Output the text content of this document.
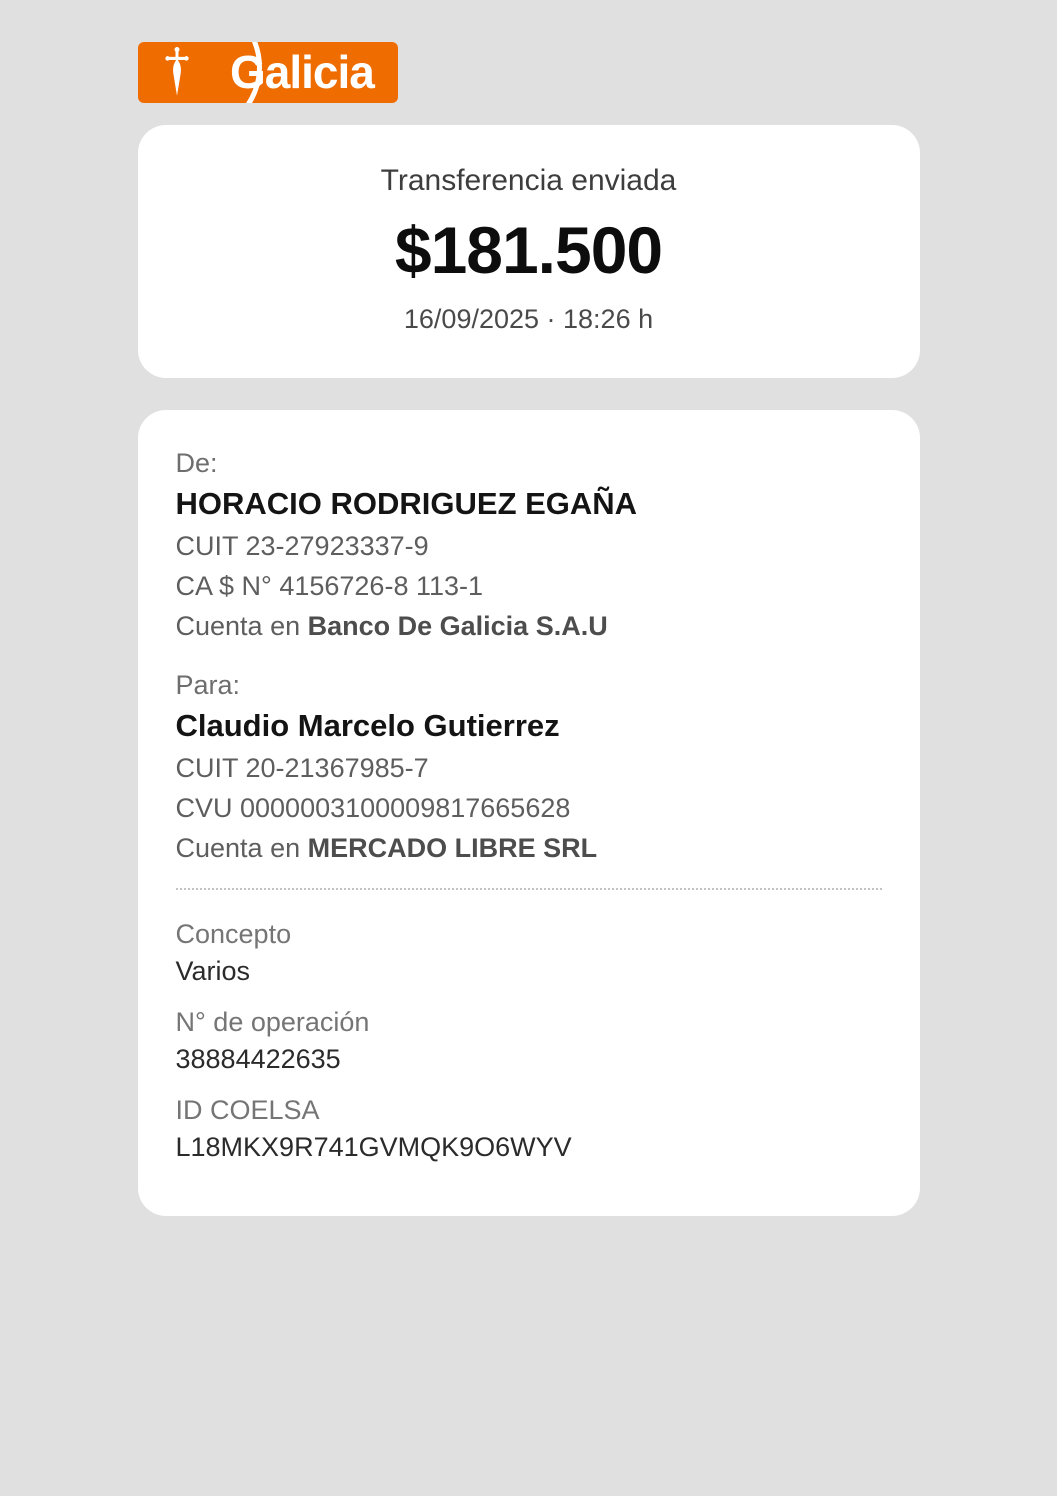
Galicia
Transferencia enviada
$181.500
16/09/2025 · 18:26 h
De:
HORACIO RODRIGUEZ EGAÑA
CUIT 23-27923337-9
CA $ N° 4156726-8 113-1
Cuenta en Banco De Galicia S.A.U
Para:
Claudio Marcelo Gutierrez
CUIT 20-21367985-7
CVU 0000003100009817665628
Cuenta en MERCADO LIBRE SRL
Concepto
Varios
N° de operación
38884422635
ID COELSA
L18MKX9R741GVMQK9O6WYV
